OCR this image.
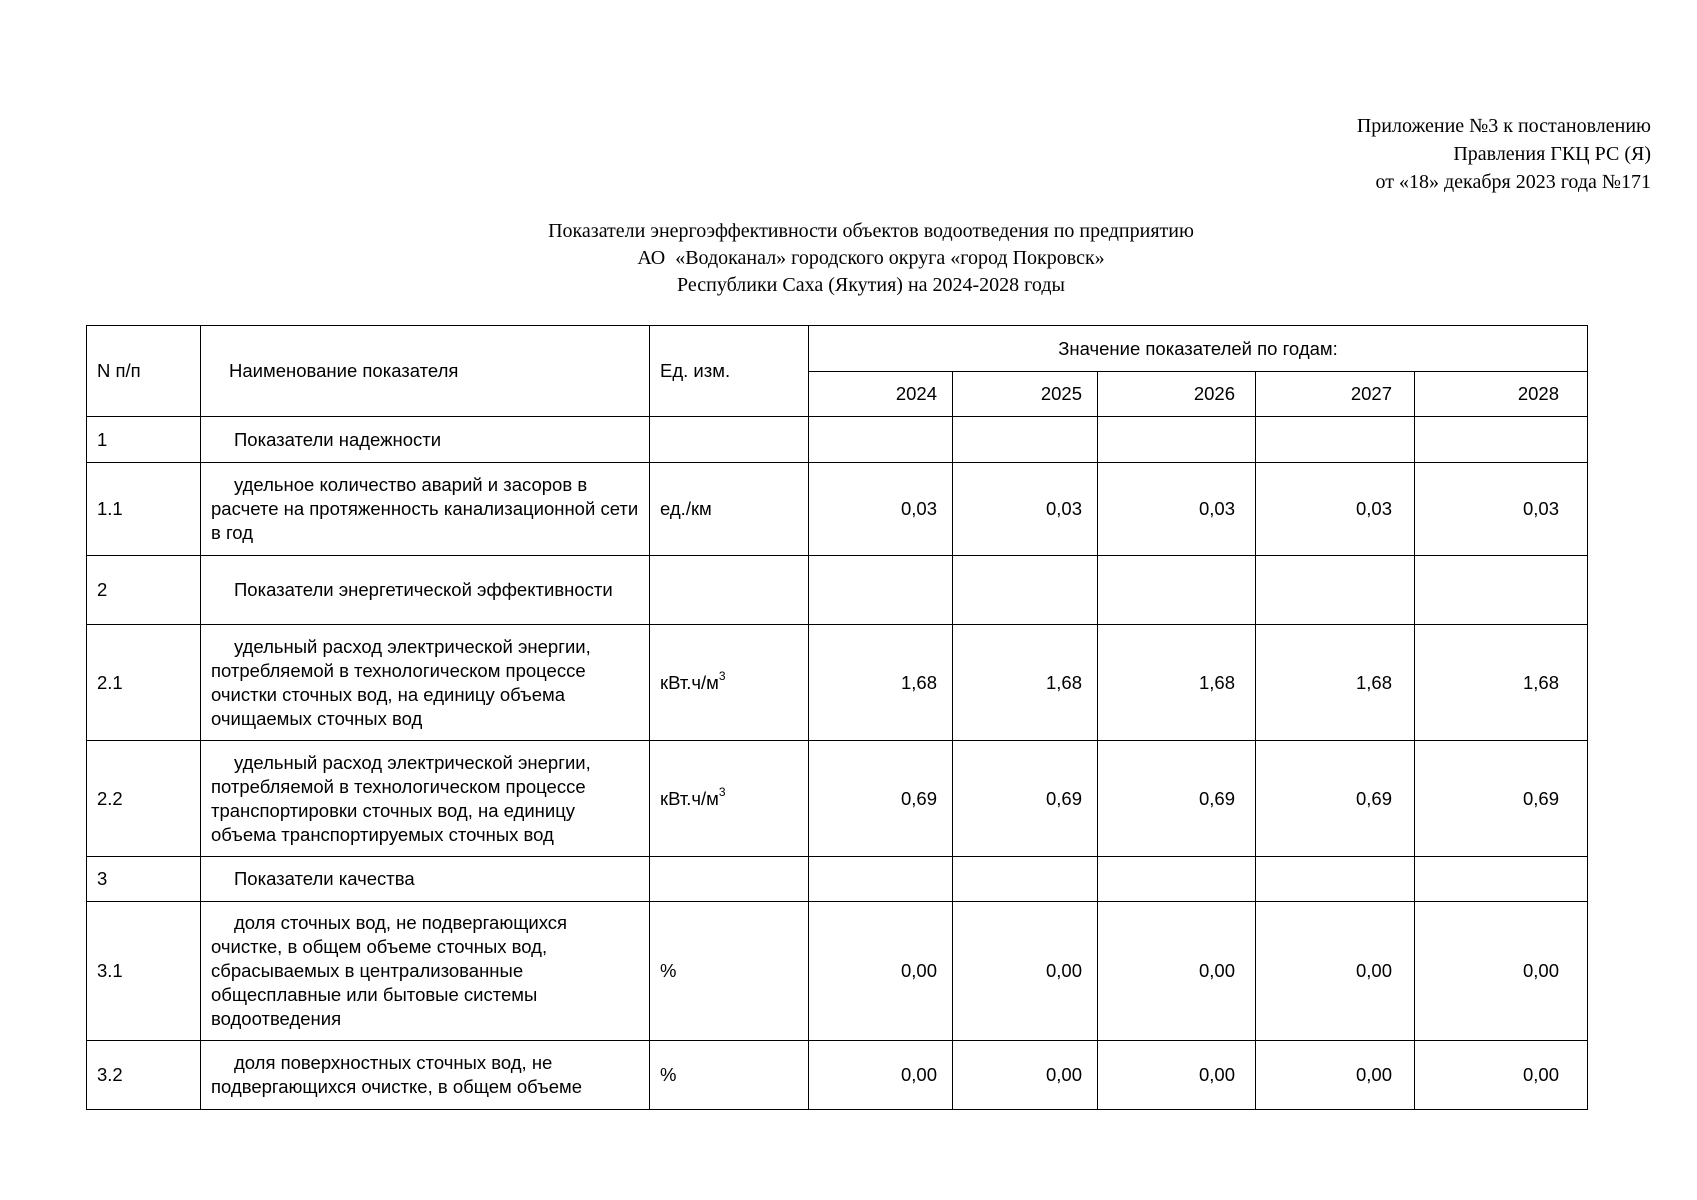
Приложение №3 к постановлению
Правления ГКЦ РС (Я)
от «18» декабря 2023 года №171
Показатели энергоэффективности объектов водоотведения по предприятию
АО  «Водоканал» городского округа «город Покровск»
Республики Саха (Якутия) на 2024-2028 годы
N п/п	Наименование показателя	Ед. изм.	Значение показателей по годам:				
			2024	2025	2026	2027	2028
1	Показатели надежности						

1.1	удельное количество аварий и засоров в расчете на протяженность канализационной сети в год	ед./км	0,03	0,03	0,03	0,03	0,03
2	Показатели энергетической эффективности						

2.1	удельный расход электрической энергии, потребляемой в технологическом процессе очистки сточных вод, на единицу объема очищаемых сточных вод	$кВт.ч/м^3$	1,68	1,68	1,68	1,68	1,68
2.2	удельный расход электрической энергии, потребляемой в технологическом процессе транспортировки сточных вод, на единицу объема транспортируемых сточных вод	$кВт.ч/м^3$	0,69	0,69	0,69	0,69	0,69
3	Показатели качества						

3.1	доля сточных вод, не подвергающихся очистке, в общем объеме сточных вод, сбрасываемых в централизованные общесплавные или бытовые системы водоотведения	%	0,00	0,00	0,00	0,00	0,00
3.2	доля поверхностных сточных вод, не подвергающихся очистке, в общем объеме	%	0,00	0,00	0,00	0,00	0,00
